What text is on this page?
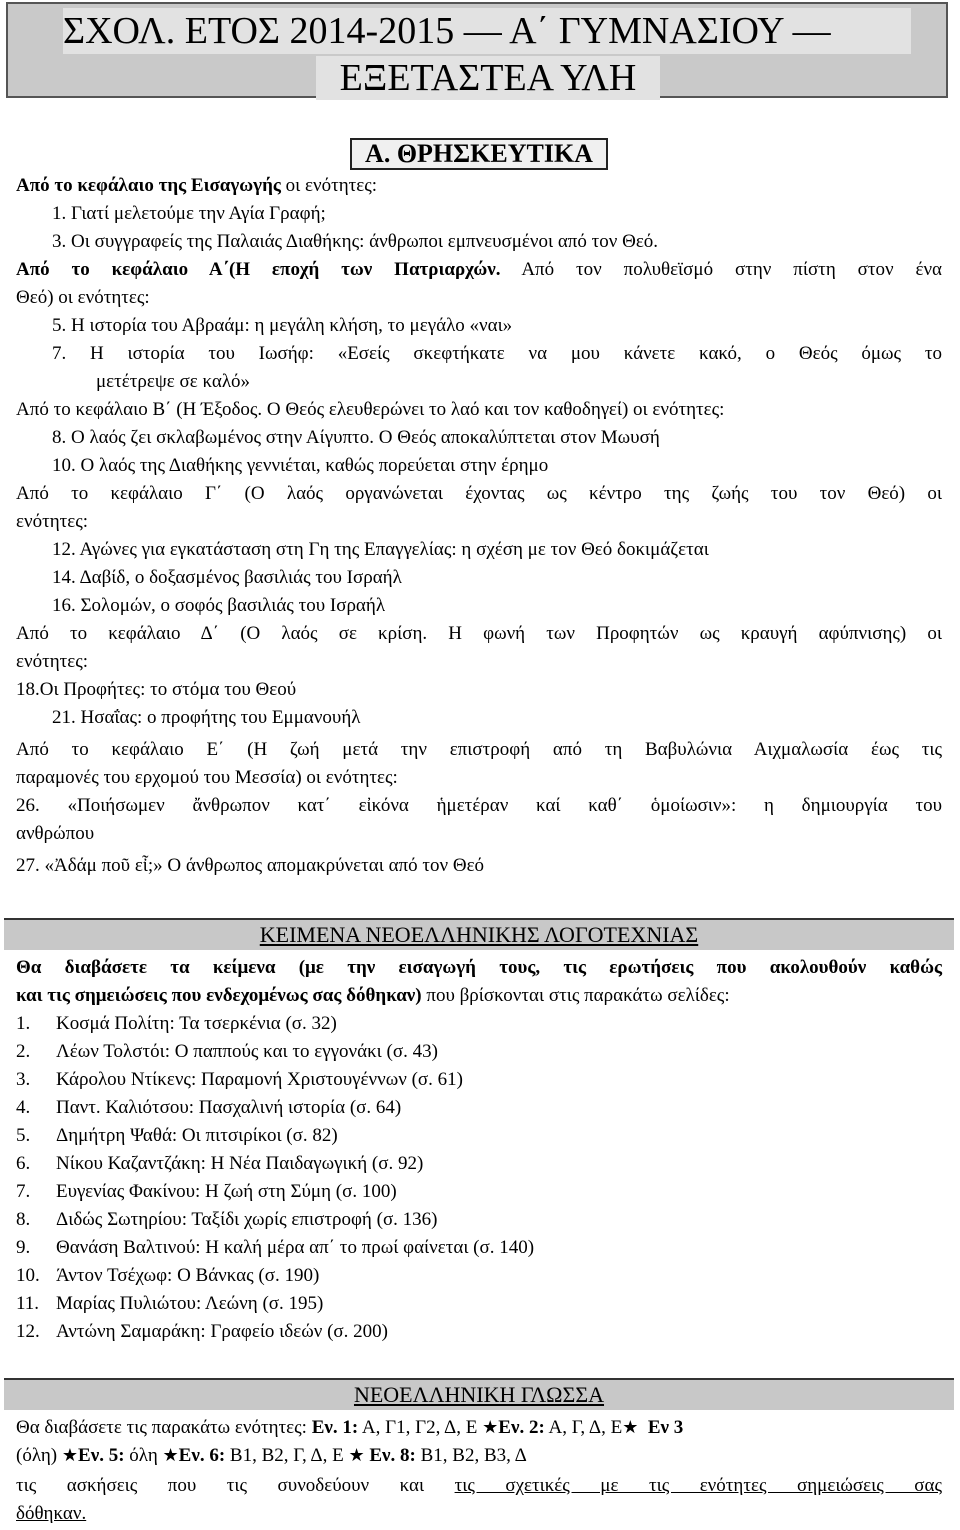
ΣΧΟΛ. ΕΤΟΣ 2014-2015 — Α΄ ΓΥΜΝΑΣΙΟΥ —
ΕΞΕΤΑΣΤΕΑ ΥΛΗ
Α. ΘΡΗΣΚΕΥΤΙΚΑ
Από το κεφάλαιο της Εισαγωγής οι ενότητες:
1. Γιατί μελετούμε την Αγία Γραφή;
3. Οι συγγραφείς της Παλαιάς Διαθήκης: άνθρωποι εμπνευσμένοι από τον Θεό.
Από το κεφάλαιο Α΄(Η εποχή των Πατριαρχών. Από τον πολυθεϊσμό στην πίστη στον ένα
Θεό) οι ενότητες:
5. Η ιστορία του Αβραάμ: η μεγάλη κλήση, το μεγάλο «ναι»
7. Η ιστορία του Ιωσήφ: «Εσείς σκεφτήκατε να μου κάνετε κακό, ο Θεός όμως το
μετέτρεψε σε καλό»
Από το κεφάλαιο Β΄ (Η Έξοδος. Ο Θεός ελευθερώνει το λαό και τον καθοδηγεί) οι ενότητες:
8. Ο λαός ζει σκλαβωμένος στην Αίγυπτο. Ο Θεός αποκαλύπτεται στον Μωυσή
10. Ο λαός της Διαθήκης γεννιέται, καθώς πορεύεται στην έρημο
Από το κεφάλαιο Γ΄ (Ο λαός οργανώνεται έχοντας ως κέντρο της ζωής του τον Θεό) οι
ενότητες:
12. Αγώνες για εγκατάσταση στη Γη της Επαγγελίας: η σχέση με τον Θεό δοκιμάζεται
14. Δαβίδ, ο δοξασμένος βασιλιάς του Ισραήλ
16. Σολομών, ο σοφός βασιλιάς του Ισραήλ
Από το κεφάλαιο Δ΄ (Ο λαός σε κρίση. Η φωνή των Προφητών ως κραυγή αφύπνισης) οι
ενότητες:
18.Οι Προφήτες: το στόμα του Θεού
21. Ησαΐας: ο προφήτης του Εμμανουήλ
Από το κεφάλαιο Ε΄ (Η ζωή μετά την επιστροφή από τη Βαβυλώνια Αιχμαλωσία έως τις
παραμονές του ερχομού του Μεσσία) οι ενότητες:
26. «Ποιήσωμεν ἄνθρωπον κατ΄ εἰκόνα ἡμετέραν καί καθ΄ ὁμοίωσιν»: η δημιουργία του
ανθρώπου
27. «Ἀδάμ ποῦ εἶ;» Ο άνθρωπος απομακρύνεται από τον Θεό
ΚΕΙΜΕΝΑ ΝΕΟΕΛΛΗΝΙΚΗΣ ΛΟΓΟΤΕΧΝΙΑΣ
Θα διαβάσετε τα κείμενα (με την εισαγωγή τους, τις ερωτήσεις που ακολουθούν καθώς
και τις σημειώσεις που ενδεχομένως σας δόθηκαν) που βρίσκονται στις παρακάτω σελίδες:
1. Κοσμά Πολίτη: Τα τσερκένια (σ. 32)
2. Λέων Τολστόι: Ο παππούς και το εγγονάκι (σ. 43)
3. Κάρολου Ντίκενς: Παραμονή Χριστουγέννων (σ. 61)
4. Παντ. Καλιότσου: Πασχαλινή ιστορία (σ. 64)
5. Δημήτρη Ψαθά: Οι πιτσιρίκοι (σ. 82)
6. Νίκου Καζαντζάκη: Η Νέα Παιδαγωγική (σ. 92)
7. Ευγενίας Φακίνου: Η ζωή στη Σύμη (σ. 100)
8. Διδώς Σωτηρίου: Ταξίδι χωρίς επιστροφή (σ. 136)
9. Θανάση Βαλτινού: Η καλή μέρα απ΄ το πρωί φαίνεται (σ. 140)
10. Άντον Τσέχωφ: Ο Βάνκας (σ. 190)
11. Μαρίας Πυλιώτου: Λεώνη (σ. 195)
12. Αντώνη Σαμαράκη: Γραφείο ιδεών (σ. 200)
ΝΕΟΕΛΛΗΝΙΚΗ ΓΛΩΣΣΑ
Θα διαβάσετε τις παρακάτω ενότητες: Εν. 1: Α, Γ1, Γ2, Δ, Ε ★Εν. 2: Α, Γ, Δ, Ε★ Εν 3
(όλη) ★Εν. 5: όλη ★Εν. 6: Β1, Β2, Γ, Δ, Ε ★ Εν. 8: Β1, Β2, Β3, Δ
τις ασκήσεις που τις συνοδεύουν και τις σχετικές με τις ενότητες σημειώσεις σας
δόθηκαν.
